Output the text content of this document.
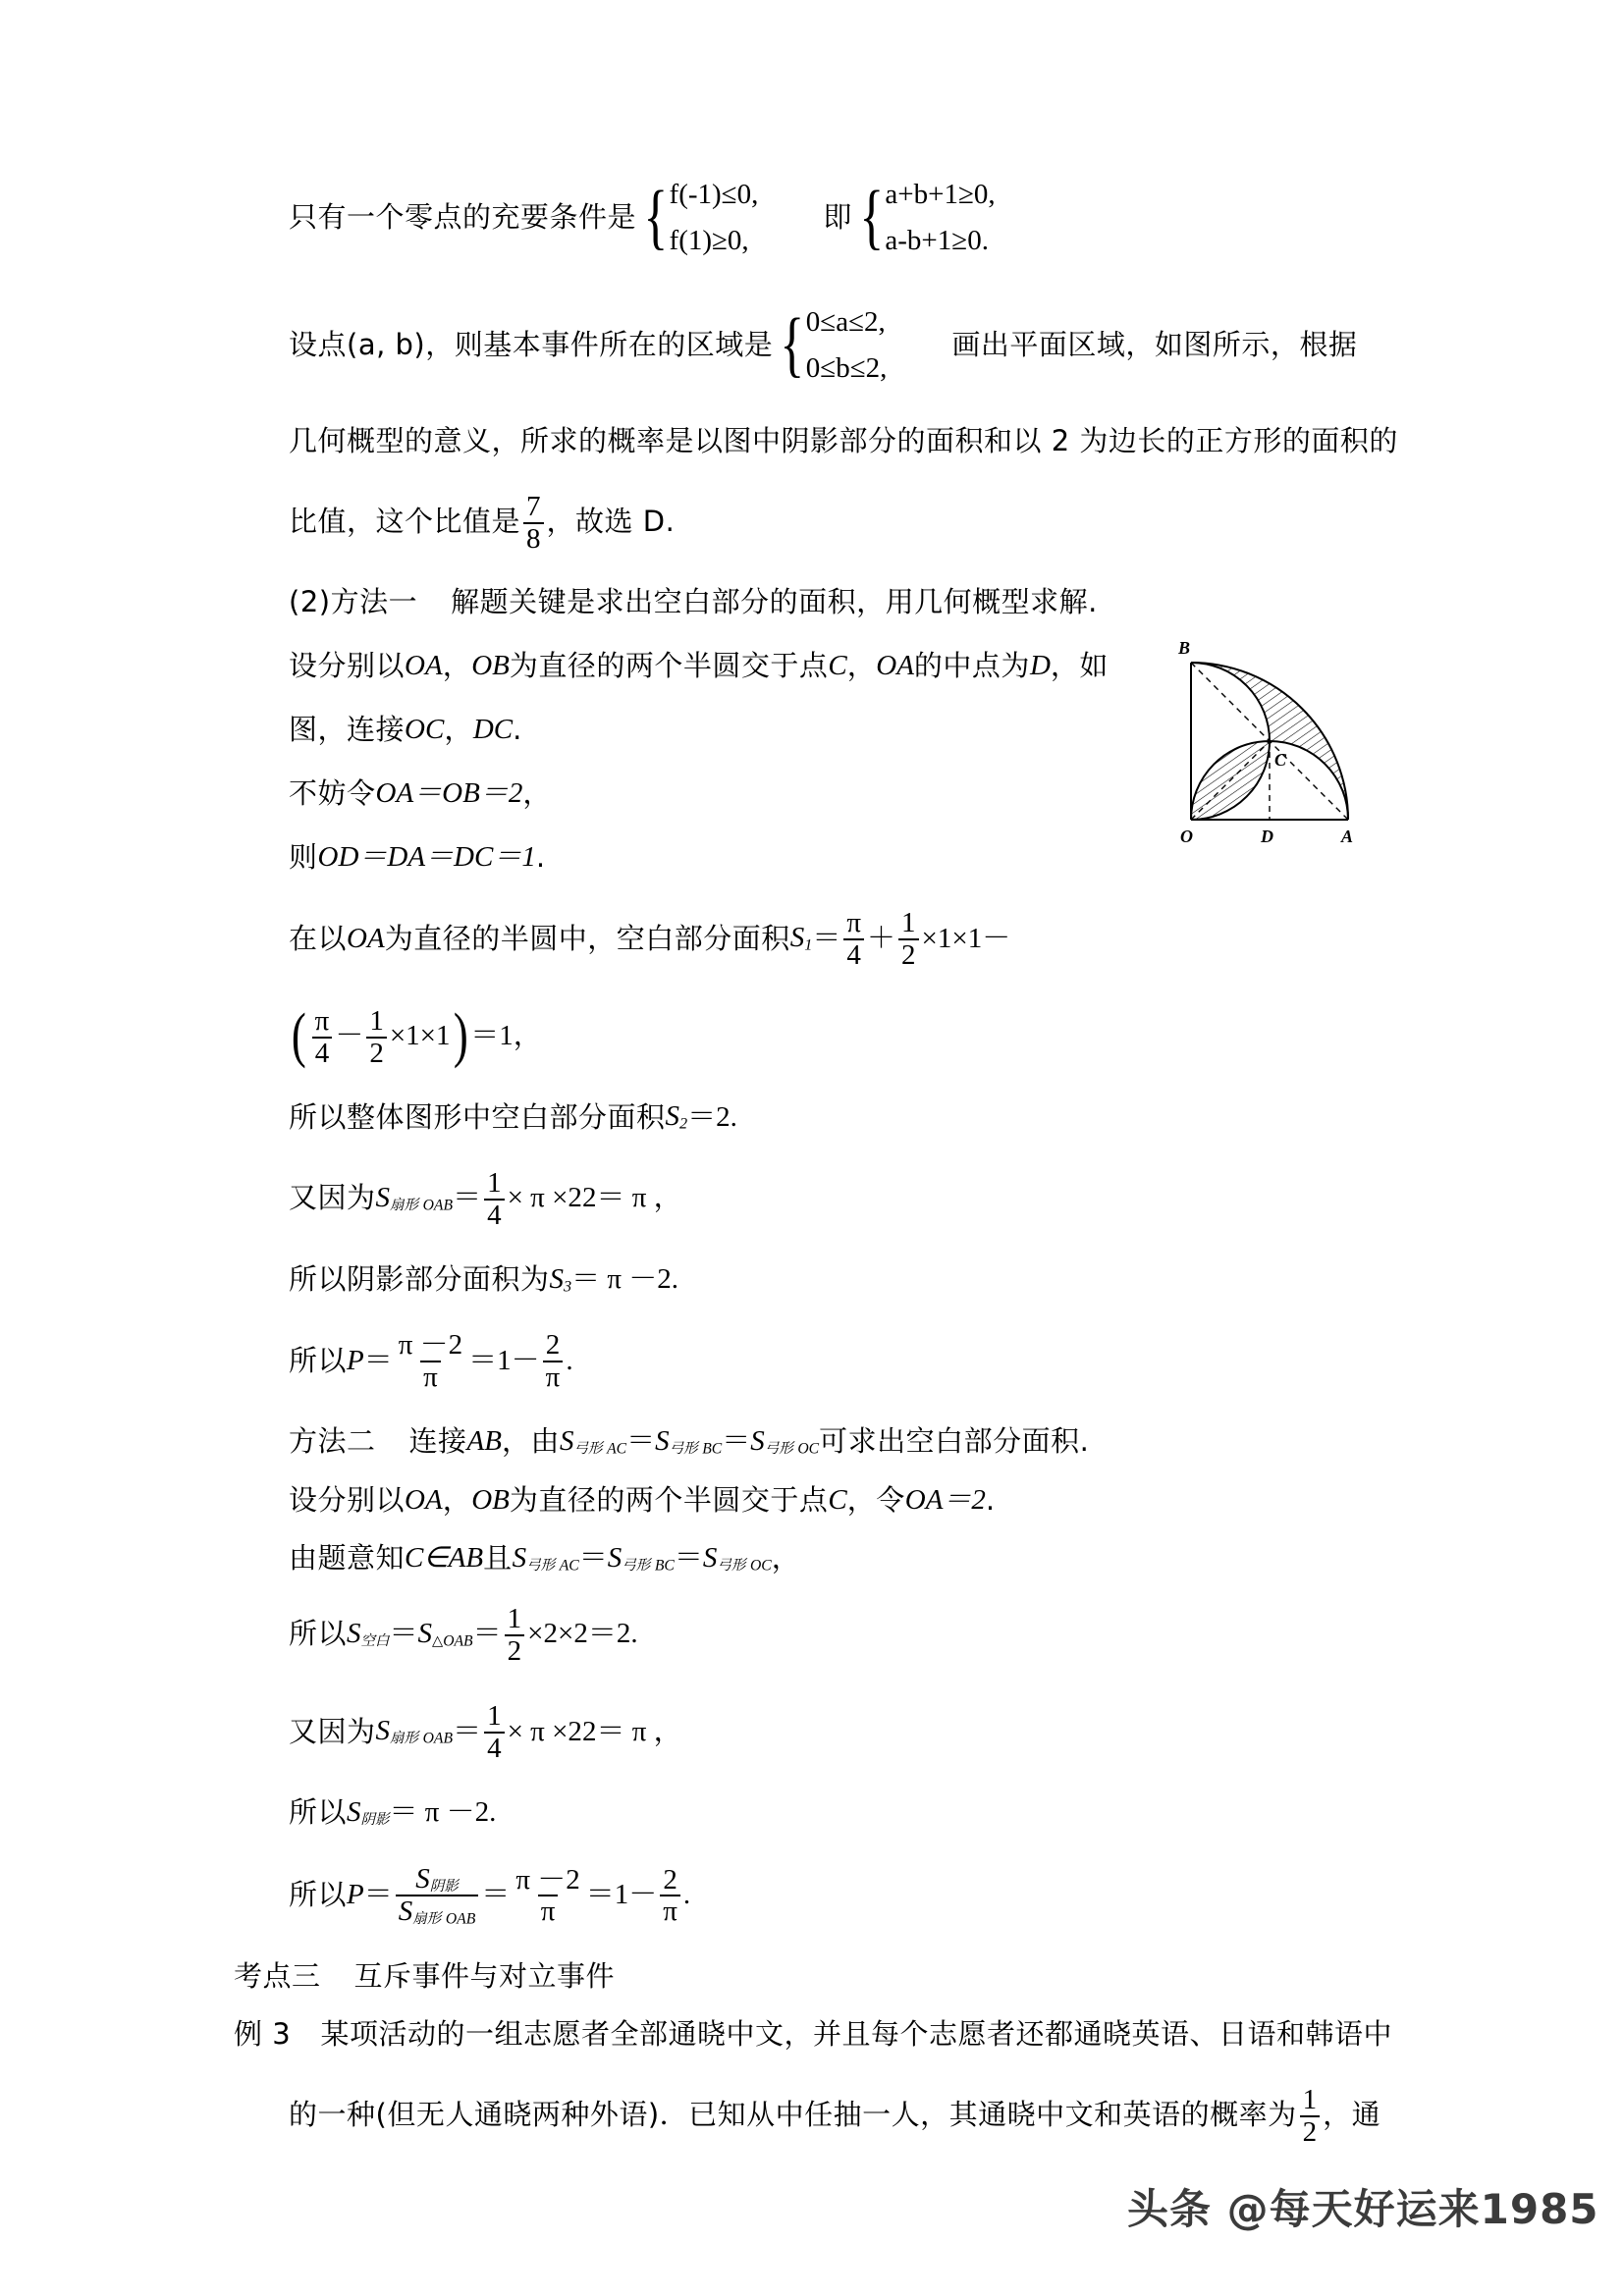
只有一个零点的充要条件是 { f(-1)≤0,
f(1)≥0,
即 { a+b+1≥0,
a-b+1≥0.
设点(a, b)，则基本事件所在的区域是 { 0≤a≤2,
0≤b≤2,
画出平面区域，如图所示，根据
几何概型的意义，所求的概率是以图中阴影部分的面积和以 2 为边长的正方形的面积的
比值，这个比值是 $\frac{7}{8}$ ，故选 D.
(2)方法一 解题关键是求出空白部分的面积，用几何概型求解.
设分别以 OA ， OB 为直径的两个半圆交于点 C ， OA 的中点为 D ，如
图，连接 OC ， DC .
不妨令 OA＝OB＝2 ，
则 OD＝DA＝DC＝1 .
在以 OA 为直径的半圆中，空白部分面积 $S_1 = \frac{\pi}{4} + \frac{1}{2} \times 1\times 1-$
( $\frac{\pi}{4} - \frac{1}{2} \times 1\times 1$ ) ＝1，
所以整体图形中空白部分面积 $S_2 =2$.
又因为 S扇形 OAB ＝ $\frac{1}{4} \times \pi \times 2$ 2 ＝ π ，
所以阴影部分面积为 $S_3 = \pi -2$.
所以 $P = \frac{\pi -2}{\pi} =1- \frac{2}{\pi}$ .
方法二 连接 AB ，由 S弓形 AC ＝ S弓形 BC ＝ S弓形 OC 可求出空白部分面积.
设分别以 OA ， OB 为直径的两个半圆交于点 C ，令 OA＝2 .
由题意知 C∈AB 且 S弓形 AC ＝ S弓形 BC ＝ S弓形 OC ，
所以 S空白 ＝ S△OAB ＝ $\frac{1}{2} \times 2\times 2=2$.
又因为 S扇形 OAB ＝ $\frac{1}{4} \times \pi \times 2$ 2 ＝ π ，
所以 S阴影 ＝ π －2.
所以 $P = \frac{\text{S阴影}}{\text{S扇形 OAB}} = \frac{\pi -2}{\pi} =1- \frac{2}{\pi}$ .
考点三 互斥事件与对立事件
例 3 某项活动的一组志愿者全部通晓中文，并且每个志愿者还都通晓英语、日语和韩语中
的一种(但无人通晓两种外语)．已知从中任抽一人，其通晓中文和英语的概率为 $\frac{1}{2}$ ，通
B
C
O	D	A
头条 @每天好运来1985
